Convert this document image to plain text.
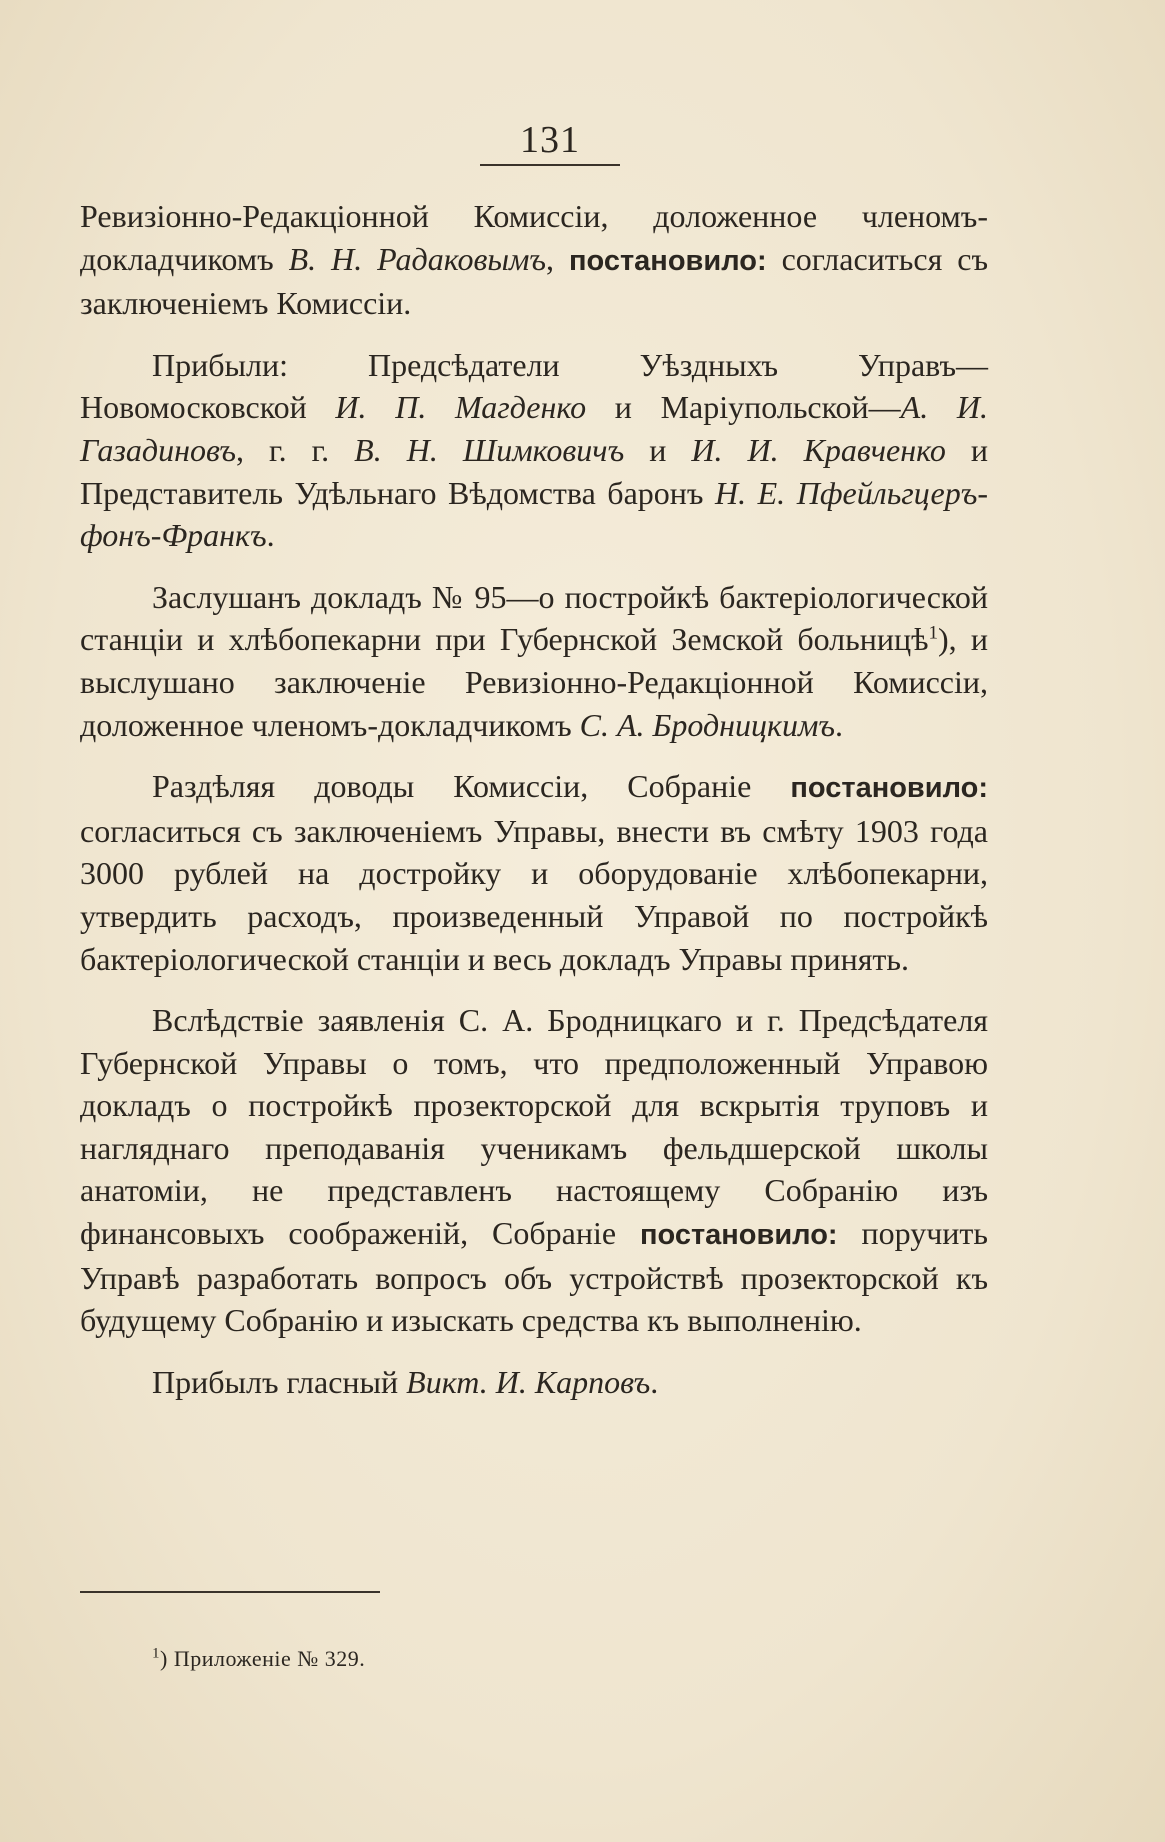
131

Ревизіонно-Редакціонной Комиссіи, доложенное членомъ-докладчикомъ В. Н. Радаковымъ, постановило: согласиться съ заключеніемъ Комиссіи.

Прибыли: Предсѣдатели Уѣздныхъ Управъ—Новомосковской И. П. Магденко и Маріупольской—А. И. Газадиновъ, г. г. В. Н. Шимковичъ и И. И. Кравченко и Представитель Удѣльнаго Вѣдомства баронъ Н. Е. Пфейльгцеръ-фонъ-Франкъ.

Заслушанъ докладъ № 95—о постройкѣ бактеріологической станціи и хлѣбопекарни при Губернской Земской больницѣ$^1$), и выслушано заключеніе Ревизіонно-Редакціонной Комиссіи, доложенное членомъ-докладчикомъ С. А. Бродницкимъ.

Раздѣляя доводы Комиссіи, Собраніе постановило: согласиться съ заключеніемъ Управы, внести въ смѣту 1903 года 3000 рублей на достройку и оборудованіе хлѣбопекарни, утвердить расходъ, произведенный Управой по постройкѣ бактеріологической станціи и весь докладъ Управы принять.

Вслѣдствіе заявленія С. А. Бродницкаго и г. Предсѣдателя Губернской Управы о томъ, что предположенный Управою докладъ о постройкѣ прозекторской для вскрытія труповъ и нагляднаго преподаванія ученикамъ фельдшерской школы анатоміи, не представленъ настоящему Собранію изъ финансовыхъ соображеній, Собраніе постановило: поручить Управѣ разработать вопросъ объ устройствѣ прозекторской къ будущему Собранію и изыскать средства къ выполненію.

Прибылъ гласный Викт. И. Карповъ.

$^1$) Приложеніе № 329.
